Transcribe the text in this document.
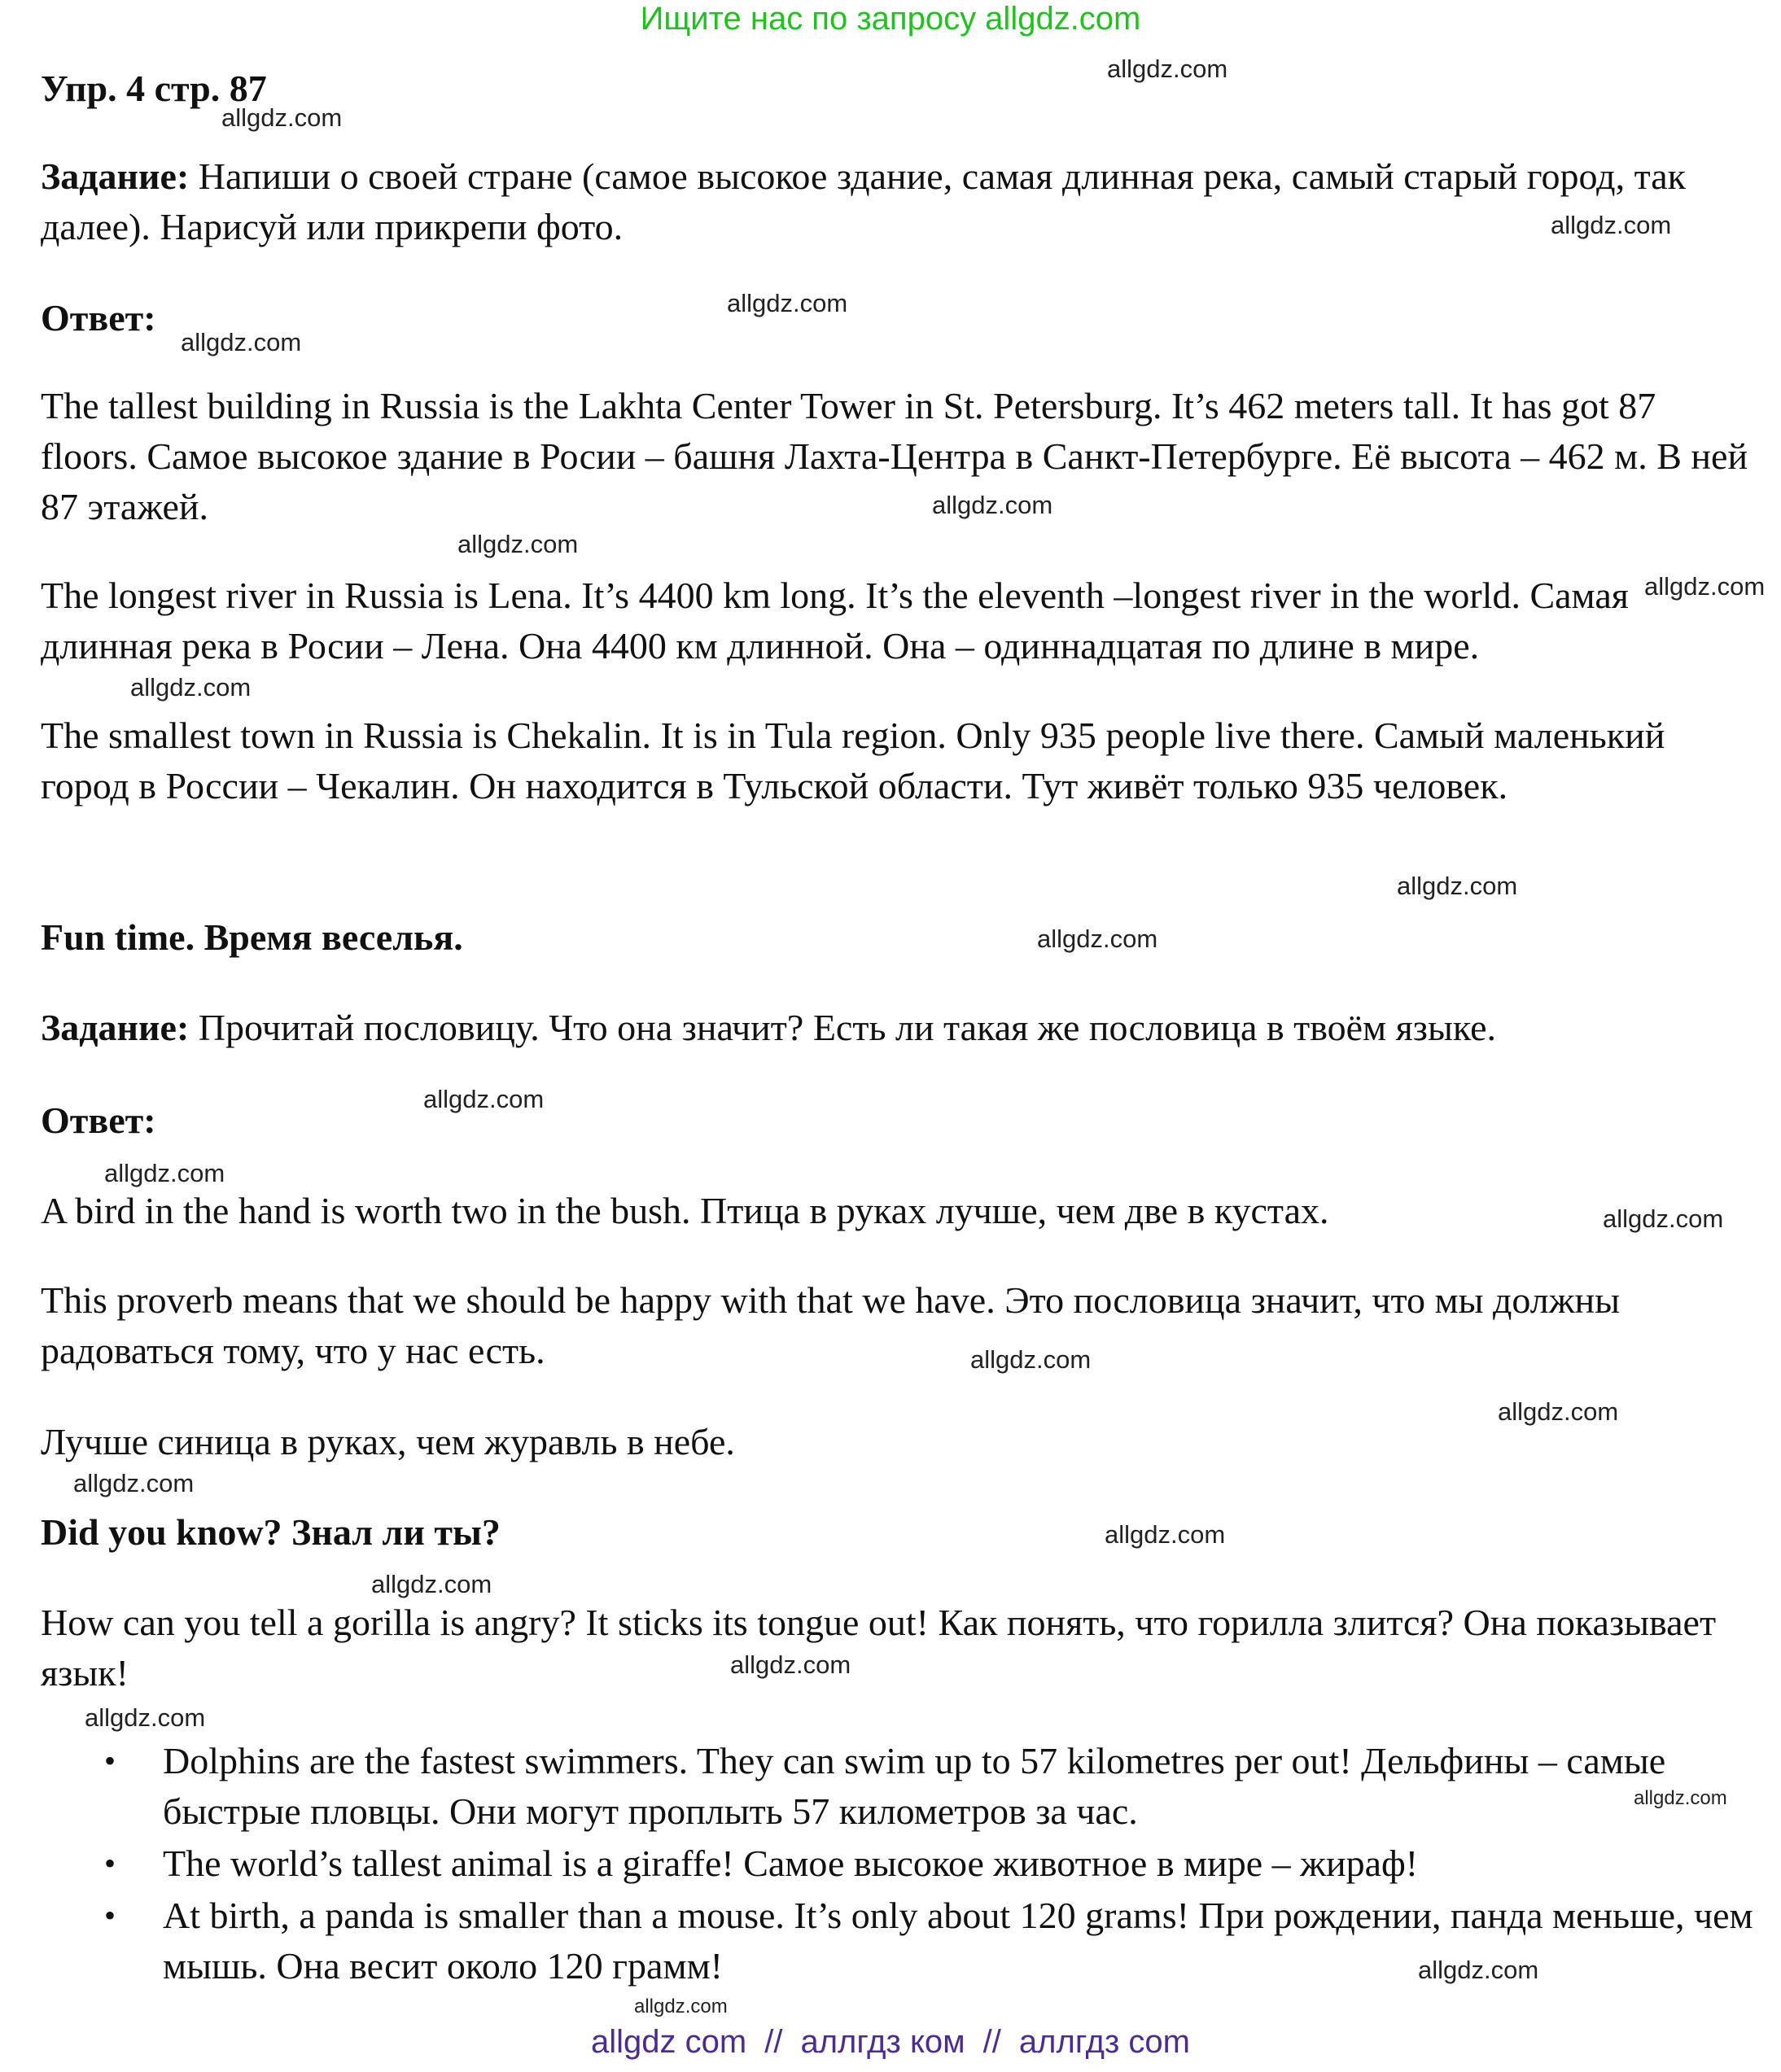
Ищите нас по запросу allgdz.com
Упр. 4 стр. 87

Задание: Напиши о своей стране (самое высокое здание, самая длинная река, самый старый город, так далее). Нарисуй или прикрепи фото.

Ответ:

The tallest building in Russia is the Lakhta Center Tower in St. Petersburg. It’s 462 meters tall. It has got 87 floors. Самое высокое здание в Росии – башня Лахта-Центра в Санкт-Петербурге. Её высота – 462 м. В ней 87 этажей.

The longest river in Russia is Lena. It’s 4400 km long. It’s the eleventh –longest river in the world. Самая длинная река в Росии – Лена. Она 4400 км длинной. Она – одиннадцатая по длине в мире.

The smallest town in Russia is Chekalin. It is in Tula region. Only 935 people live there. Самый маленький город в России – Чекалин. Он находится в Тульской области. Тут живёт только 935 человек.

Fun time. Время веселья.

Задание: Прочитай пословицу. Что она значит? Есть ли такая же пословица в твоём языке.

Ответ:

A bird in the hand is worth two in the bush. Птица в руках лучше, чем две в кустах.

This proverb means that we should be happy with that we have. Это пословица значит, что мы должны радоваться тому, что у нас есть.

Лучше синица в руках, чем журавль в небе.

Did you know? Знал ли ты?

How can you tell a gorilla is angry? It sticks its tongue out! Как понять, что горилла злится? Она показывает язык!

• Dolphins are the fastest swimmers. They can swim up to 57 kilometres per out! Дельфины – самые быстрые пловцы. Они могут проплыть 57 километров за час.
• The world’s tallest animal is a giraffe! Самое высокое животное в мире – жираф!
• At birth, a panda is smaller than a mouse. It’s only about 120 grams! При рождении, панда меньше, чем мышь. Она весит около 120 грамм!
allgdz.com
allgdz.com
allgdz.com
allgdz.com
allgdz.com
allgdz.com
allgdz.com
allgdz.com
allgdz.com
allgdz.com
allgdz.com
allgdz.com
allgdz.com
allgdz.com
allgdz.com
allgdz.com
allgdz.com
allgdz.com
allgdz.com
allgdz.com
allgdz.com
allgdz.com
allgdz.com
allgdz.com
allgdz com // аллгдз ком // аллгдз com
